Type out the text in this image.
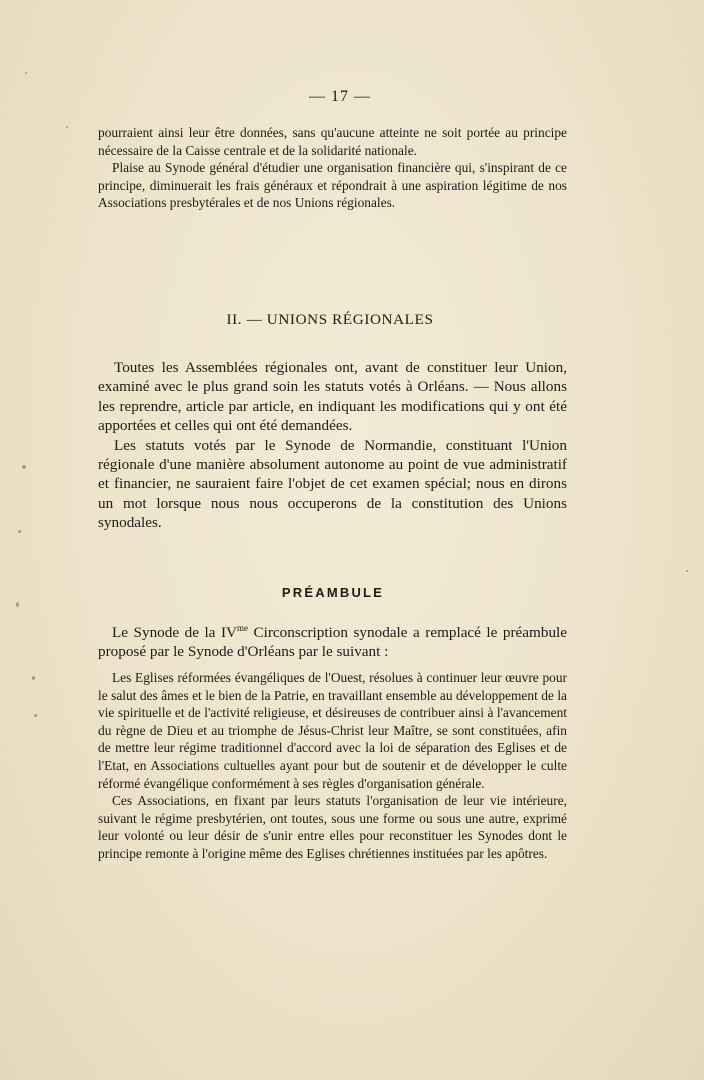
— 17 —

pourraient ainsi leur être données, sans qu'aucune atteinte ne soit portée au principe nécessaire de la Caisse centrale et de la solidarité nationale.

Plaise au Synode général d'étudier une organisation financière qui, s'inspirant de ce principe, diminuerait les frais généraux et répondrait à une aspiration légitime de nos Associations presbytérales et de nos Unions régionales.

II. — UNIONS RÉGIONALES

Toutes les Assemblées régionales ont, avant de constituer leur Union, examiné avec le plus grand soin les statuts votés à Orléans. — Nous allons les reprendre, article par article, en indiquant les modifications qui y ont été apportées et celles qui ont été demandées.

Les statuts votés par le Synode de Normandie, constituant l'Union régionale d'une manière absolument autonome au point de vue administratif et financier, ne sauraient faire l'objet de cet examen spécial; nous en dirons un mot lorsque nous nous occuperons de la constitution des Unions synodales.

PRÉAMBULE

Le Synode de la $IV^{me}$ Circonscription synodale a remplacé le préambule proposé par le Synode d'Orléans par le suivant :

Les Eglises réformées évangéliques de l'Ouest, résolues à continuer leur œuvre pour le salut des âmes et le bien de la Patrie, en travaillant ensemble au développement de la vie spirituelle et de l'activité religieuse, et désireuses de contribuer ainsi à l'avancement du règne de Dieu et au triomphe de Jésus-Christ leur Maître, se sont constituées, afin de mettre leur régime traditionnel d'accord avec la loi de séparation des Eglises et de l'Etat, en Associations cultuelles ayant pour but de soutenir et de développer le culte réformé évangélique conformément à ses règles d'organisation générale.

Ces Associations, en fixant par leurs statuts l'organisation de leur vie intérieure, suivant le régime presbytérien, ont toutes, sous une forme ou sous une autre, exprimé leur volonté ou leur désir de s'unir entre elles pour reconstituer les Synodes dont le principe remonte à l'origine même des Eglises chrétiennes instituées par les apôtres.
